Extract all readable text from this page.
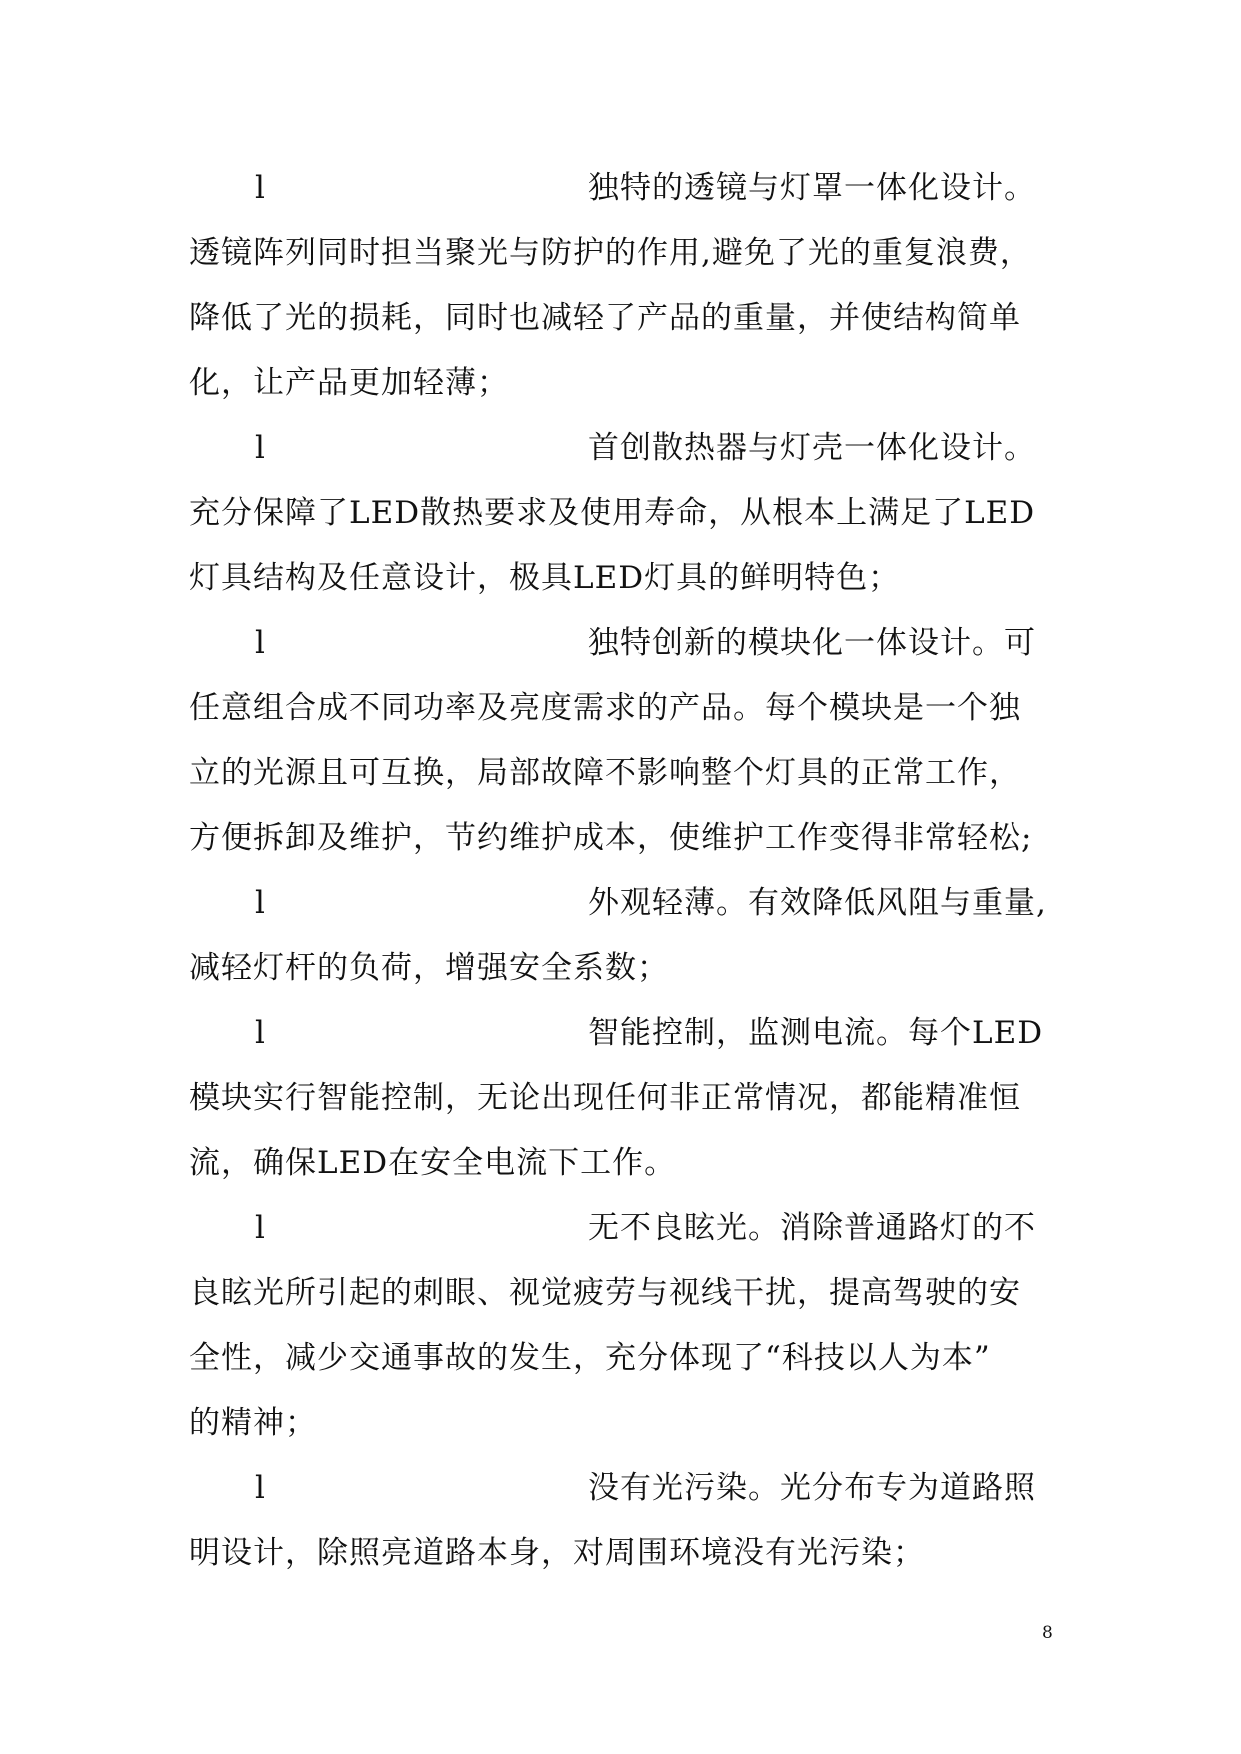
l	独特的透镜与灯罩一体化设计。
透镜阵列同时担当聚光与防护的作用,避免了光的重复浪费，
降低了光的损耗，同时也减轻了产品的重量，并使结构简单
化，让产品更加轻薄；
l	首创散热器与灯壳一体化设计。
充分保障了LED散热要求及使用寿命，从根本上满足了LED
灯具结构及任意设计，极具LED灯具的鲜明特色；
l	独特创新的模块化一体设计。可
任意组合成不同功率及亮度需求的产品。每个模块是一个独
立的光源且可互换，局部故障不影响整个灯具的正常工作，
方便拆卸及维护，节约维护成本，使维护工作变得非常轻松;
l	外观轻薄。有效降低风阻与重量,
减轻灯杆的负荷，增强安全系数；
l	智能控制，监测电流。每个LED
模块实行智能控制，无论出现任何非正常情况，都能精准恒
流，确保LED在安全电流下工作。
l	无不良眩光。消除普通路灯的不
良眩光所引起的刺眼、视觉疲劳与视线干扰，提高驾驶的安
全性，减少交通事故的发生，充分体现了“科技以人为本”
的精神；
l	没有光污染。光分布专为道路照
明设计，除照亮道路本身，对周围环境没有光污染；
8
